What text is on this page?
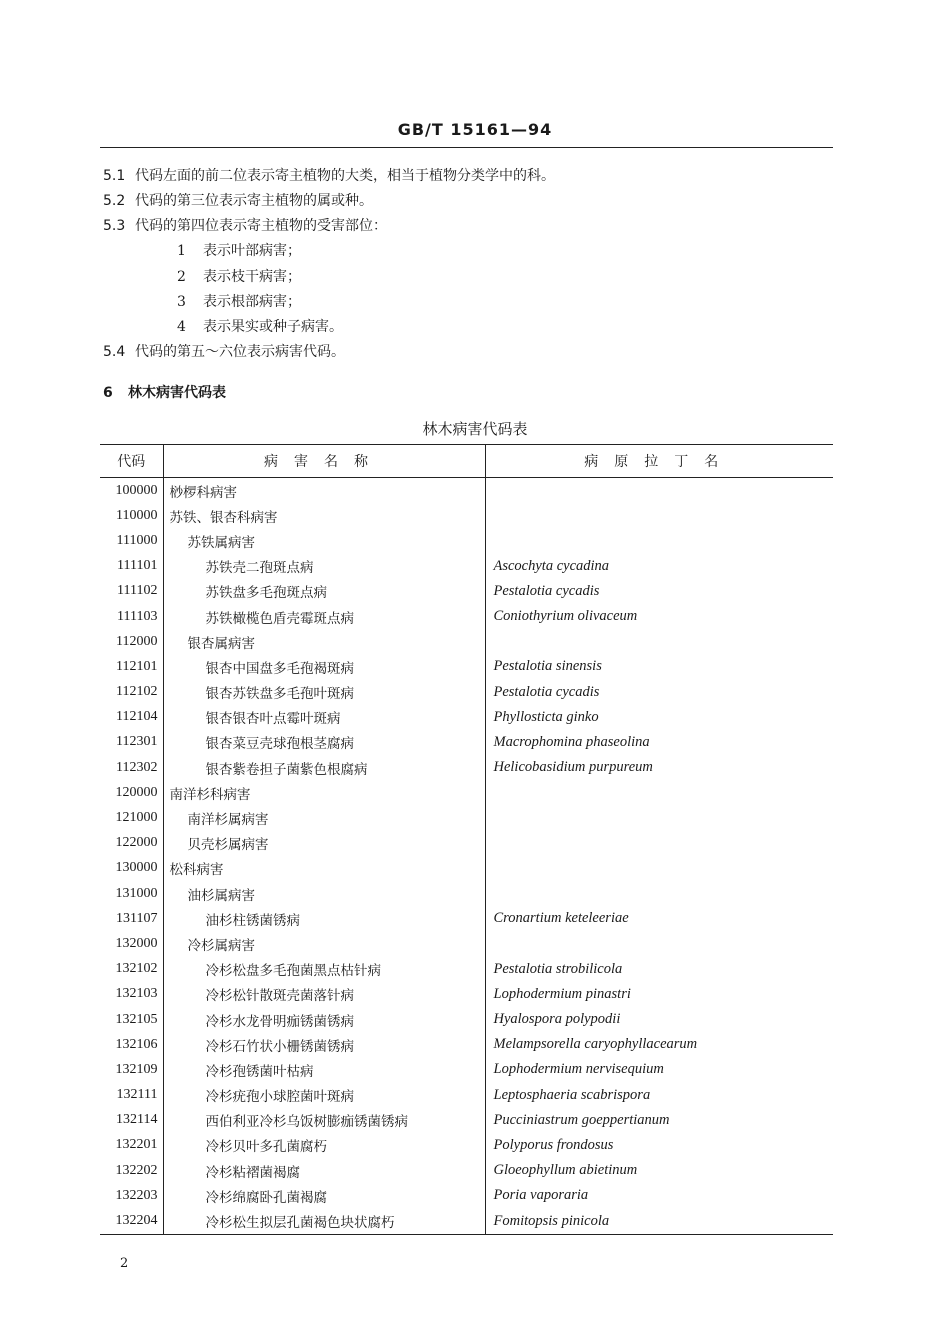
GB/T 15161—94
5.1 代码左面的前二位表示寄主植物的大类，相当于植物分类学中的科。
5.2 代码的第三位表示寄主植物的属或种。
5.3 代码的第四位表示寄主植物的受害部位：
1 表示叶部病害；
2 表示枝干病害；
3 表示根部病害；
4 表示果实或种子病害。
5.4 代码的第五～六位表示病害代码。
6 林木病害代码表
林木病害代码表
代码	病害名称	病原拉丁名
100000	桫椤科病害	
110000	苏铁、银杏科病害	
111000	苏铁属病害	
111101	苏铁壳二孢斑点病	Ascochyta cycadina
111102	苏铁盘多毛孢斑点病	Pestalotia cycadis
111103	苏铁橄榄色盾壳霉斑点病	Coniothyrium olivaceum
112000	银杏属病害	
112101	银杏中国盘多毛孢褐斑病	Pestalotia sinensis
112102	银杏苏铁盘多毛孢叶斑病	Pestalotia cycadis
112104	银杏银杏叶点霉叶斑病	Phyllosticta ginko
112301	银杏菜豆壳球孢根茎腐病	Macrophomina phaseolina
112302	银杏紫卷担子菌紫色根腐病	Helicobasidium purpureum
120000	南洋杉科病害	
121000	南洋杉属病害	
122000	贝壳杉属病害	
130000	松科病害	
131000	油杉属病害	
131107	油杉柱锈菌锈病	Cronartium keteleeriae
132000	冷杉属病害	
132102	冷杉松盘多毛孢菌黑点枯针病	Pestalotia strobilicola
132103	冷杉松针散斑壳菌落针病	Lophodermium pinastri
132105	冷杉水龙骨明痂锈菌锈病	Hyalospora polypodii
132106	冷杉石竹状小栅锈菌锈病	Melampsorella caryophyllacearum
132109	冷杉孢锈菌叶枯病	Lophodermium nervisequium
132111	冷杉疣孢小球腔菌叶斑病	Leptosphaeria scabrispora
132114	西伯利亚冷杉乌饭树膨痂锈菌锈病	Pucciniastrum goeppertianum
132201	冷杉贝叶多孔菌腐朽	Polyporus frondosus
132202	冷杉粘褶菌褐腐	Gloeophyllum abietinum
132203	冷杉绵腐卧孔菌褐腐	Poria vaporaria
132204	冷杉松生拟层孔菌褐色块状腐朽	Fomitopsis pinicola
2
